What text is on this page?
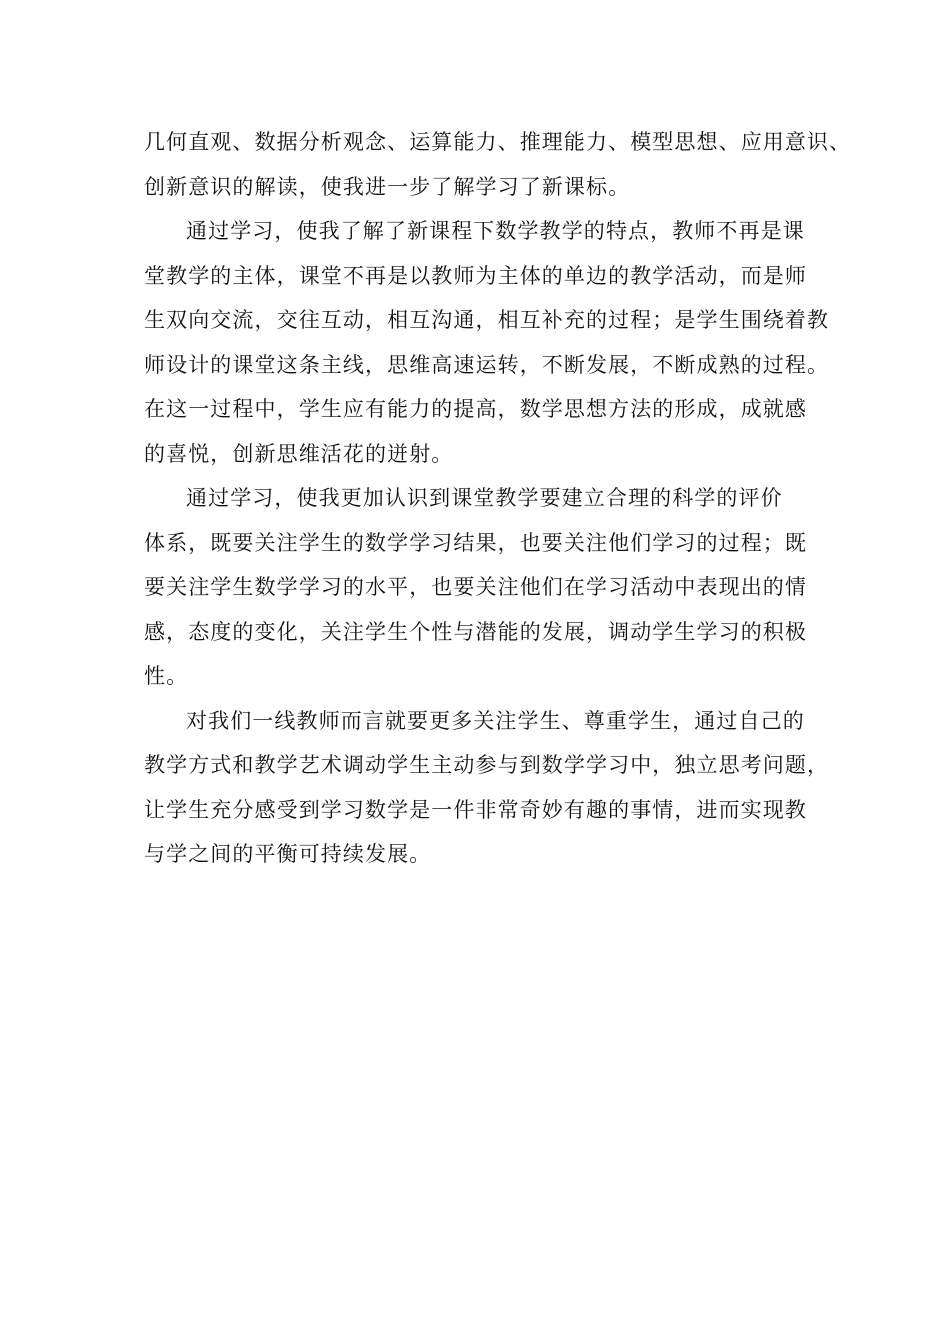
几何直观、数据分析观念、运算能力、推理能力、模型思想、应用意识、
创新意识的解读，使我进一步了解学习了新课标。
通过学习，使我了解了新课程下数学教学的特点，教师不再是课
堂教学的主体，课堂不再是以教师为主体的单边的教学活动，而是师
生双向交流，交往互动，相互沟通，相互补充的过程；是学生围绕着教
师设计的课堂这条主线，思维高速运转，不断发展，不断成熟的过程。
在这一过程中，学生应有能力的提高，数学思想方法的形成，成就感
的喜悦，创新思维活花的迸射。
通过学习，使我更加认识到课堂教学要建立合理的科学的评价
体系，既要关注学生的数学学习结果，也要关注他们学习的过程；既
要关注学生数学学习的水平，也要关注他们在学习活动中表现出的情
感，态度的变化，关注学生个性与潜能的发展，调动学生学习的积极
性。
对我们一线教师而言就要更多关注学生、尊重学生，通过自己的
教学方式和教学艺术调动学生主动参与到数学学习中，独立思考问题，
让学生充分感受到学习数学是一件非常奇妙有趣的事情，进而实现教
与学之间的平衡可持续发展。
